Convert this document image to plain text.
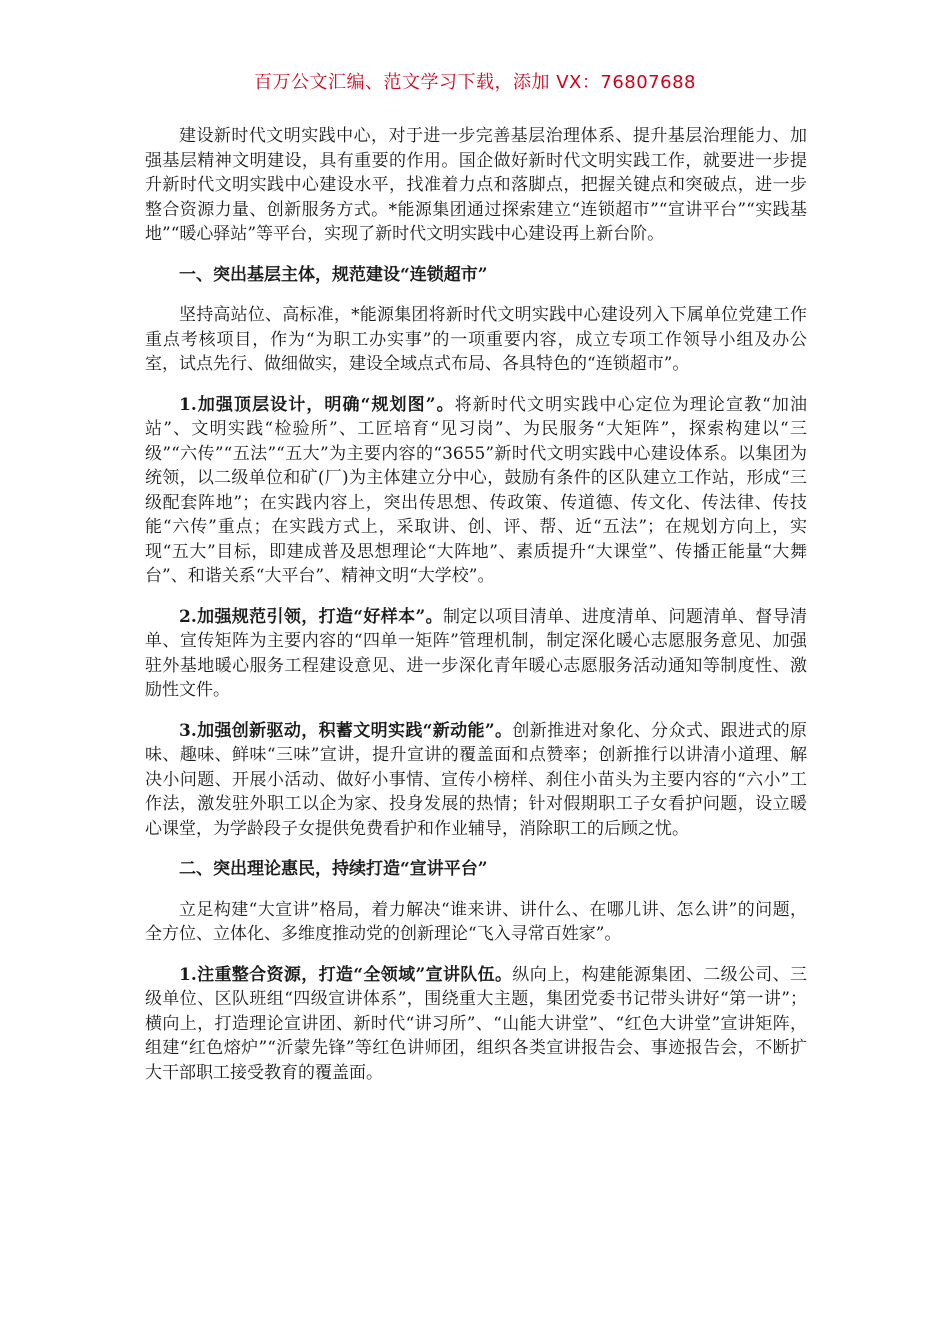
百万公文汇编、范文学习下载，添加 VX：76807688

建设新时代文明实践中心，对于进一步完善基层治理体系、提升基层治理能力、加强基层精神文明建设，具有重要的作用。国企做好新时代文明实践工作，就要进一步提升新时代文明实践中心建设水平，找准着力点和落脚点，把握关键点和突破点，进一步整合资源力量、创新服务方式。*能源集团通过探索建立“连锁超市”“宣讲平台”“实践基地”“暖心驿站”等平台，实现了新时代文明实践中心建设再上新台阶。

一、突出基层主体，规范建设“连锁超市”

坚持高站位、高标准，*能源集团将新时代文明实践中心建设列入下属单位党建工作重点考核项目，作为“为职工办实事”的一项重要内容，成立专项工作领导小组及办公室，试点先行、做细做实，建设全域点式布局、各具特色的“连锁超市”。

1.加强顶层设计，明确“规划图”。将新时代文明实践中心定位为理论宣教“加油站”、文明实践“检验所”、工匠培育“见习岗”、为民服务“大矩阵”，探索构建以“三级”“六传”“五法”“五大”为主要内容的“3655”新时代文明实践中心建设体系。以集团为统领，以二级单位和矿(厂)为主体建立分中心，鼓励有条件的区队建立工作站，形成“三级配套阵地”；在实践内容上，突出传思想、传政策、传道德、传文化、传法律、传技能“六传”重点；在实践方式上，采取讲、创、评、帮、近“五法”；在规划方向上，实现“五大”目标，即建成普及思想理论“大阵地”、素质提升“大课堂”、传播正能量“大舞台”、和谐关系“大平台”、精神文明“大学校”。

2.加强规范引领，打造“好样本”。制定以项目清单、进度清单、问题清单、督导清单、宣传矩阵为主要内容的“四单一矩阵”管理机制，制定深化暖心志愿服务意见、加强驻外基地暖心服务工程建设意见、进一步深化青年暖心志愿服务活动通知等制度性、激励性文件。

3.加强创新驱动，积蓄文明实践“新动能”。创新推进对象化、分众式、跟进式的原味、趣味、鲜味“三味”宣讲，提升宣讲的覆盖面和点赞率；创新推行以讲清小道理、解决小问题、开展小活动、做好小事情、宣传小榜样、刹住小苗头为主要内容的“六小”工作法，激发驻外职工以企为家、投身发展的热情；针对假期职工子女看护问题，设立暖心课堂，为学龄段子女提供免费看护和作业辅导，消除职工的后顾之忧。

二、突出理论惠民，持续打造“宣讲平台”

立足构建“大宣讲”格局，着力解决“谁来讲、讲什么、在哪儿讲、怎么讲”的问题，全方位、立体化、多维度推动党的创新理论“飞入寻常百姓家”。

1.注重整合资源，打造“全领域”宣讲队伍。纵向上，构建能源集团、二级公司、三级单位、区队班组“四级宣讲体系”，围绕重大主题，集团党委书记带头讲好“第一讲”；横向上，打造理论宣讲团、新时代“讲习所”、“山能大讲堂”、“红色大讲堂”宣讲矩阵，组建“红色熔炉”“沂蒙先锋”等红色讲师团，组织各类宣讲报告会、事迹报告会，不断扩大干部职工接受教育的覆盖面。
